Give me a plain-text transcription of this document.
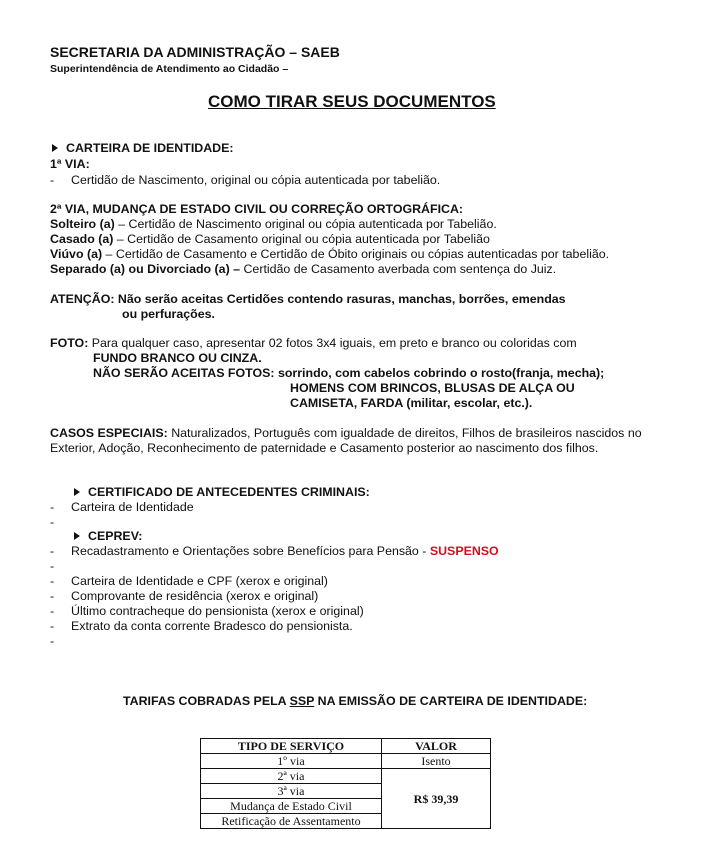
SECRETARIA DA ADMINISTRAÇÃO – SAEB
Superintendência de Atendimento ao Cidadão –
COMO TIRAR SEUS DOCUMENTOS
CARTEIRA DE IDENTIDADE:
1ª VIA:
- Certidão de Nascimento, original ou cópia autenticada por tabelião.
2ª VIA, MUDANÇA DE ESTADO CIVIL OU CORREÇÃO ORTOGRÁFICA:
Solteiro (a) – Certidão de Nascimento original ou cópia autenticada por Tabelião.
Casado (a) – Certidão de Casamento original ou cópia autenticada por Tabelião
Viúvo (a) – Certidão de Casamento e Certidão de Óbito originais ou cópias autenticadas por tabelião.
Separado (a) ou Divorciado (a) – Certidão de Casamento averbada com sentença do Juiz.
ATENÇÃO: Não serão aceitas Certidões contendo rasuras, manchas, borrões, emendas
ou perfurações.
FOTO: Para qualquer caso, apresentar 02 fotos 3x4 iguais, em preto e branco ou coloridas com
FUNDO BRANCO OU CINZA.
NÃO SERÃO ACEITAS FOTOS: sorrindo, com cabelos cobrindo o rosto(franja, mecha);
HOMENS COM BRINCOS, BLUSAS DE ALÇA OU
CAMISETA, FARDA (militar, escolar, etc.).
CASOS ESPECIAIS: Naturalizados, Português com igualdade de direitos, Filhos de brasileiros nascidos no
Exterior, Adoção, Reconhecimento de paternidade e Casamento posterior ao nascimento dos filhos.
CERTIFICADO DE ANTECEDENTES CRIMINAIS:
- Carteira de Identidade
-
CEPREV:
- Recadastramento e Orientações sobre Benefícios para Pensão - SUSPENSO
-
- Carteira de Identidade e CPF (xerox e original)
- Comprovante de residência (xerox e original)
- Último contracheque do pensionista (xerox e original)
- Extrato da conta corrente Bradesco do pensionista.
-
TARIFAS COBRADAS PELA SSP NA EMISSÃO DE CARTEIRA DE IDENTIDADE:
TIPO DE SERVIÇO	VALOR
1º via	Isento
2ª via	R$ 39,39
3ª via	
Mudança de Estado Civil	
Retificação de Assentamento	
